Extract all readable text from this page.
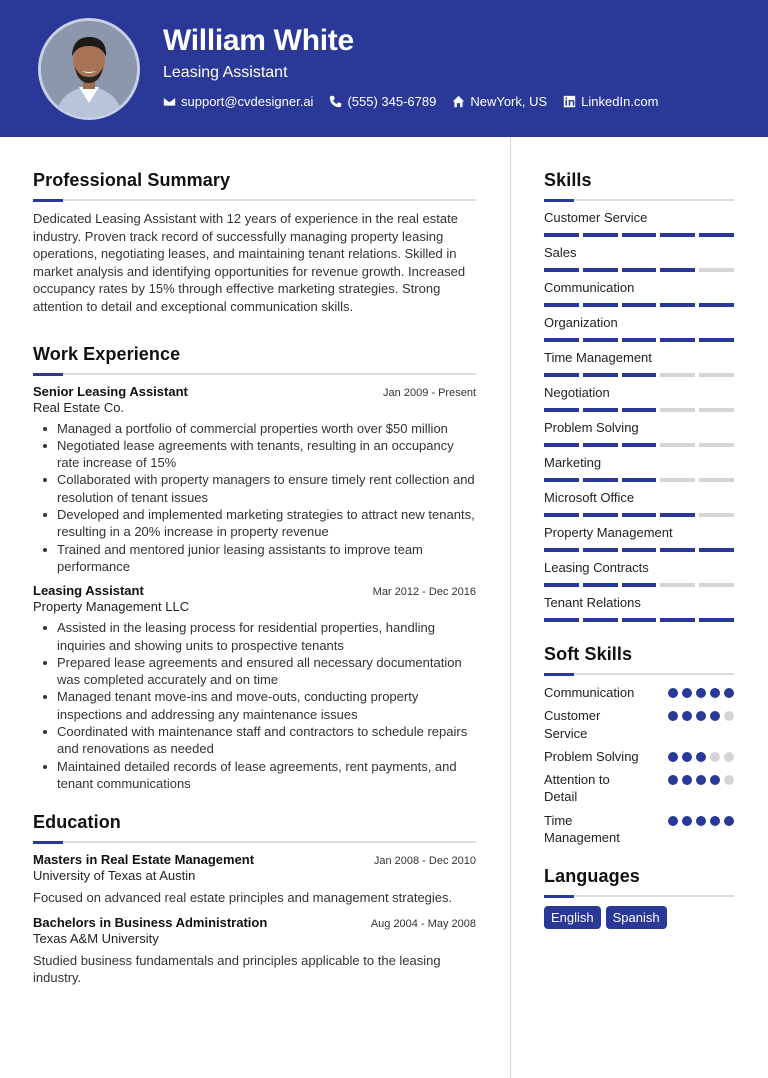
William White
Leasing Assistant
support@cvdesigner.ai	(555) 345-6789	NewYork, US	LinkedIn.com
Professional Summary

Dedicated Leasing Assistant with 12 years of experience in the real estate industry. Proven track record of successfully managing property leasing operations, negotiating leases, and maintaining tenant relations. Skilled in market analysis and identifying opportunities for revenue growth. Increased occupancy rates by 15% through effective marketing strategies. Strong attention to detail and exceptional communication skills.

Work Experience
Senior Leasing Assistant	Jan 2009 - Present
Real Estate Co.
Managed a portfolio of commercial properties worth over $50 million
Negotiated lease agreements with tenants, resulting in an occupancy rate increase of 15%
Collaborated with property managers to ensure timely rent collection and resolution of tenant issues
Developed and implemented marketing strategies to attract new tenants, resulting in a 20% increase in property revenue
Trained and mentored junior leasing assistants to improve team performance
Leasing Assistant	Mar 2012 - Dec 2016
Property Management LLC
Assisted in the leasing process for residential properties, handling inquiries and showing units to prospective tenants
Prepared lease agreements and ensured all necessary documentation was completed accurately and on time
Managed tenant move-ins and move-outs, conducting property inspections and addressing any maintenance issues
Coordinated with maintenance staff and contractors to schedule repairs and renovations as needed
Maintained detailed records of lease agreements, rent payments, and tenant communications
Education
Masters in Real Estate Management	Jan 2008 - Dec 2010
University of Texas at Austin

Focused on advanced real estate principles and management strategies.

Bachelors in Business Administration	Aug 2004 - May 2008
Texas A&M University

Studied business fundamentals and principles applicable to the leasing industry.

Skills
Customer Service
Sales
Communication
Organization
Time Management
Negotiation
Problem Solving
Marketing
Microsoft Office
Property Management
Leasing Contracts
Tenant Relations
Soft Skills
Communication
Customer Service
Problem Solving
Attention to Detail
Time Management
Languages
English	Spanish
